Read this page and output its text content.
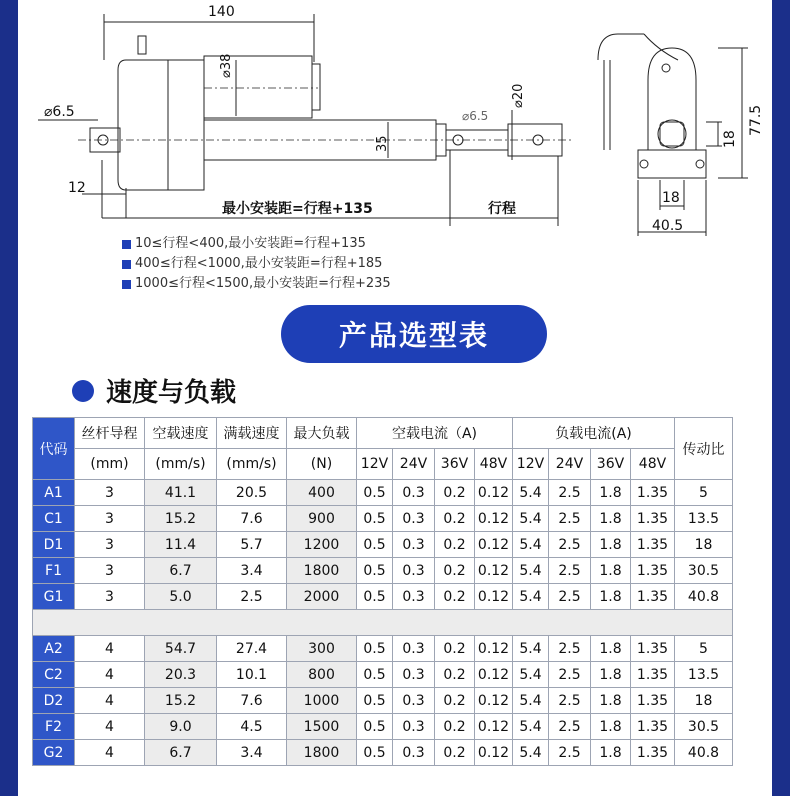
140
⌀38
⌀20
35
⌀6.5	⌀6.5
12
最小安装距=行程+135	行程
77.5
18
18
40.5
10≤行程<400,最小安装距=行程+135
400≤行程<1000,最小安装距=行程+185
1000≤行程<1500,最小安装距=行程+235
产品选型表
速度与负载
代码	丝杆导程	空载速度	满载速度	最大负载	空载电流（A)				负载电流(A)				传动比
	(mm)	(mm/s)	(mm/s)	(N)	12V	24V	36V	48V	12V	24V	36V	48V	
A1	3	41.1	20.5	400	0.5	0.3	0.2	0.12	5.4	2.5	1.8	1.35	5
C1	3	15.2	7.6	900	0.5	0.3	0.2	0.12	5.4	2.5	1.8	1.35	13.5
D1	3	11.4	5.7	1200	0.5	0.3	0.2	0.12	5.4	2.5	1.8	1.35	18
F1	3	6.7	3.4	1800	0.5	0.3	0.2	0.12	5.4	2.5	1.8	1.35	30.5
G1	3	5.0	2.5	2000	0.5	0.3	0.2	0.12	5.4	2.5	1.8	1.35	40.8

A2	4	54.7	27.4	300	0.5	0.3	0.2	0.12	5.4	2.5	1.8	1.35	5
C2	4	20.3	10.1	800	0.5	0.3	0.2	0.12	5.4	2.5	1.8	1.35	13.5
D2	4	15.2	7.6	1000	0.5	0.3	0.2	0.12	5.4	2.5	1.8	1.35	18
F2	4	9.0	4.5	1500	0.5	0.3	0.2	0.12	5.4	2.5	1.8	1.35	30.5
G2	4	6.7	3.4	1800	0.5	0.3	0.2	0.12	5.4	2.5	1.8	1.35	40.8
